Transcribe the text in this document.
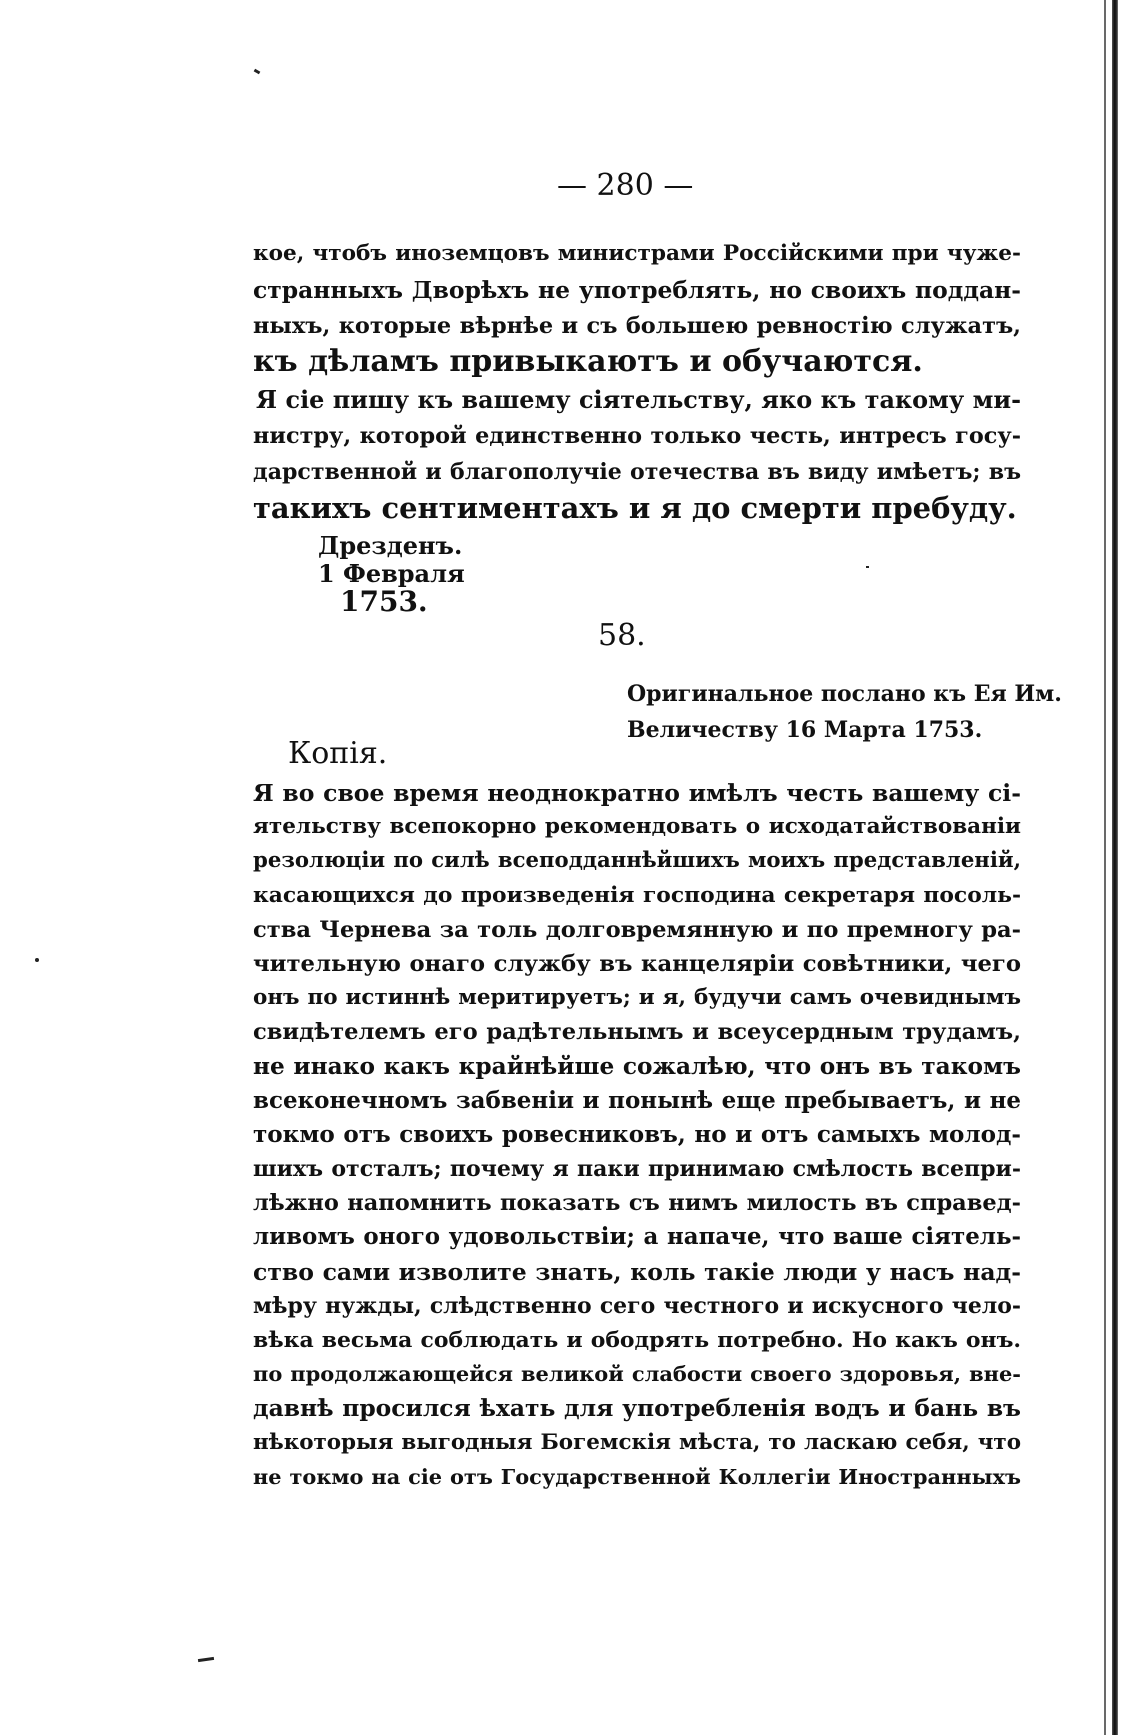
— 280 —
кое, чтобъ иноземцовъ министрами Россійскими при чуже-
странныхъ Дворѣхъ не употреблять, но своихъ поддан-
ныхъ, которые вѣрнѣе и съ большею ревностію служатъ,
къ дѣламъ привыкаютъ и обучаются.
Я сіе пишу къ вашему сіятельству, яко къ такому ми-
нистру, которой единственно только честь, интресъ госу-
дарственной и благополучіе отечества въ виду имѣетъ; въ
такихъ сентиментахъ и я до смерти пребуду.
Дрезденъ.
1 Февраля
1753.
58.
Оригинальное послано къ Ея Им.
Величеству 16 Марта 1753.
Копія.
Я во свое время неоднократно имѣлъ честь вашему сі-
ятельству всепокорно рекомендовать о исходатайствованіи
резолюціи по силѣ всеподданнѣйшихъ моихъ представленій,
касающихся до произведенія господина секретаря посоль-
ства Чернева за толь долговремянную и по премногу ра-
чительную онаго службу въ канцеляріи совѣтники, чего
онъ по истиннѣ меритируетъ; и я, будучи самъ очевиднымъ
свидѣтелемъ его радѣтельнымъ и всеусердным трудамъ,
не инако какъ крайнѣйше сожалѣю, что онъ въ такомъ
всеконечномъ забвеніи и понынѣ еще пребываетъ, и не
токмо отъ своихъ ровесниковъ, но и отъ самыхъ молод-
шихъ отсталъ; почему я паки принимаю смѣлость всепри-
лѣжно напомнить показать съ нимъ милость въ справед-
ливомъ оного удовольствіи; а напаче, что ваше сіятель-
ство сами изволите знать, коль такіе люди у насъ над-
мѣру нужды, слѣдственно сего честного и искусного чело-
вѣка весьма соблюдать и ободрять потребно. Но какъ онъ.
по продолжающейся великой слабости своего здоровья, вне-
давнѣ просился ѣхать для употребленія водъ и бань въ
нѣкоторыя выгодныя Богемскія мѣста, то ласкаю себя, что
не токмо на сіе отъ Государственной Коллегіи Иностранныхъ
